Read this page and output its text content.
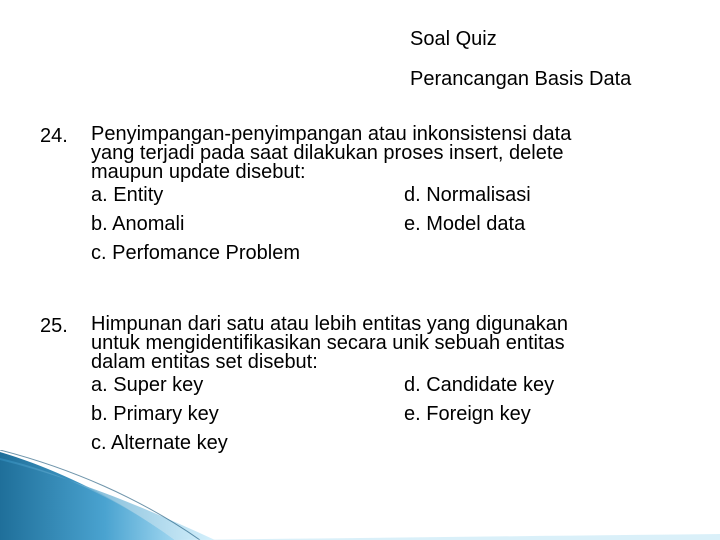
Soal Quiz
Perancangan Basis Data
24. Penyimpangan-penyimpangan atau inkonsistensi data
yang terjadi pada saat dilakukan proses insert, delete
maupun update disebut:
a. Entity	d. Normalisasi
b. Anomali	e. Model data
c. Perfomance Problem
25. Himpunan dari satu atau lebih entitas yang digunakan
untuk mengidentifikasikan secara unik sebuah entitas
dalam entitas set disebut:
a. Super key	d. Candidate key
b. Primary key	e. Foreign key
c. Alternate key
